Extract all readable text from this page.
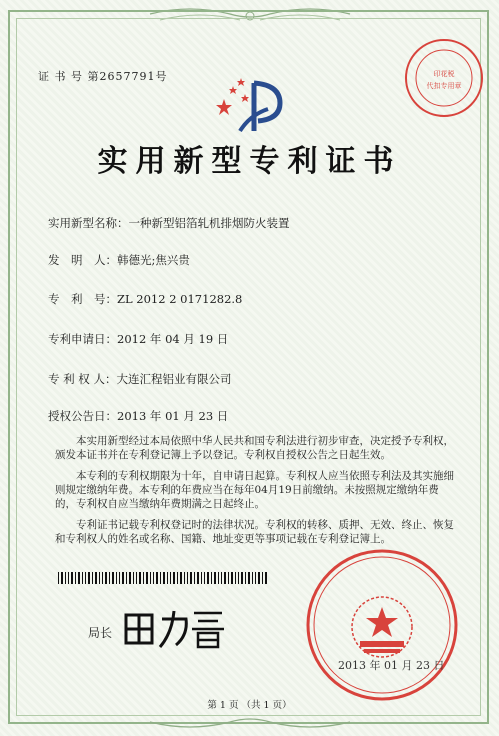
证 书 号 第2657791号	印花税
代扣专用章
实用新型专利证书
实用新型名称：一种新型铝箔轧机排烟防火装置
发　明　人：韩德光;焦兴贵
专　利　号：ZL 2012 2 0171282.8
专利申请日：2012 年 04 月 19 日
专 利 权 人：大连汇程铝业有限公司
授权公告日：2013 年 01 月 23 日

本实用新型经过本局依照中华人民共和国专利法进行初步审查，决定授予专利权，颁发本证书并在专利登记簿上予以登记。专利权自授权公告之日起生效。

本专利的专利权期限为十年，自申请日起算。专利权人应当依照专利法及其实施细则规定缴纳年费。本专利的年费应当在每年04月19日前缴纳。未按照规定缴纳年费的，专利权自应当缴纳年费期满之日起终止。

专利证书记载专利权登记时的法律状况。专利权的转移、质押、无效、终止、恢复和专利权人的姓名或名称、国籍、地址变更等事项记载在专利登记簿上。

局长
2013 年 01 月 23 日
第 1 页 （共 1 页）
